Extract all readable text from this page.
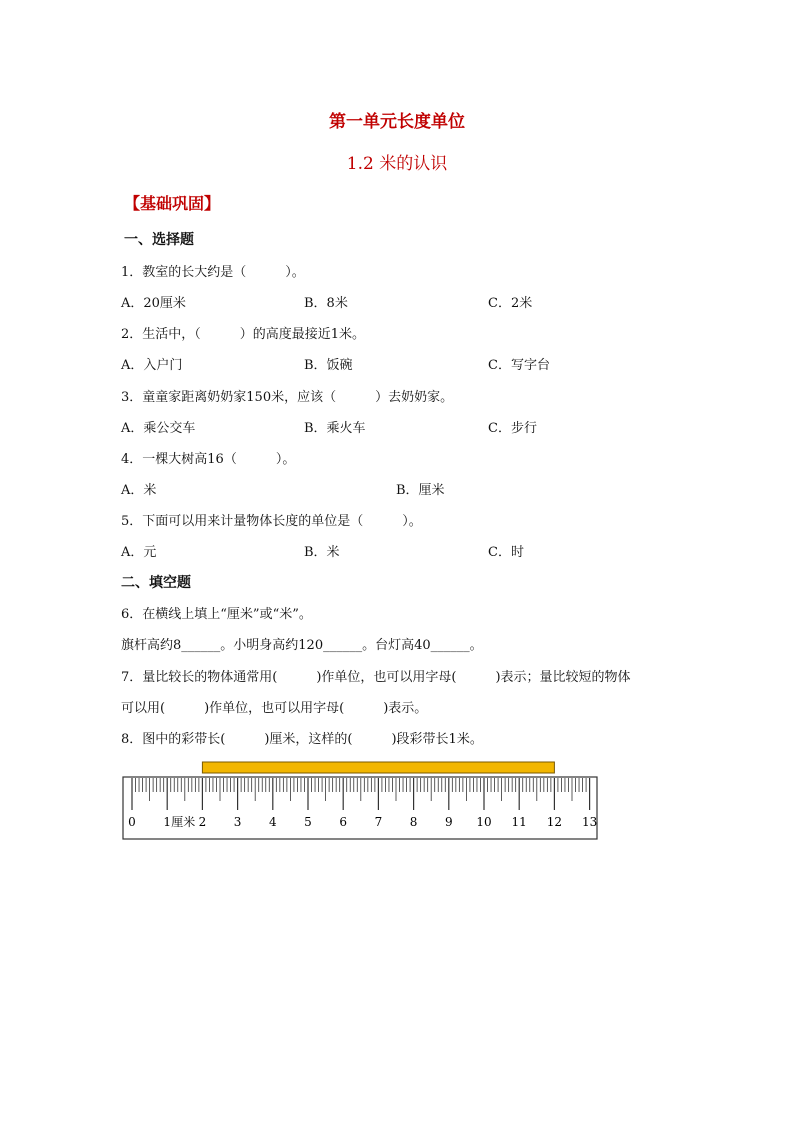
第一单元长度单位
1.2 米的认识
【基础巩固】
一、选择题
1．教室的长大约是（　　　）。
A．20厘米	B．8米	C．2米
2．生活中，（　　　）的高度最接近1米。
A．入户门	B．饭碗	C．写字台
3．童童家距离奶奶家150米，应该（　　　）去奶奶家。
A．乘公交车	B．乘火车	C．步行
4．一棵大树高16（　　　）。
A．米	B．厘米
5．下面可以用来计量物体长度的单位是（　　　）。
A．元	B．米	C．时
二、填空题
6．在横线上填上“厘米”或“米”。
旗杆高约8______。小明身高约120______。台灯高40______。
7．量比较长的物体通常用(　　　)作单位，也可以用字母(　　　)表示；量比较短的物体
可以用(　　　)作单位，也可以用字母(　　　)表示。
8．图中的彩带长(　　　)厘米，这样的(　　　)段彩带长1米。
0 1 2 3 4 5 6 7 8 9 10 11 12 13
厘米
